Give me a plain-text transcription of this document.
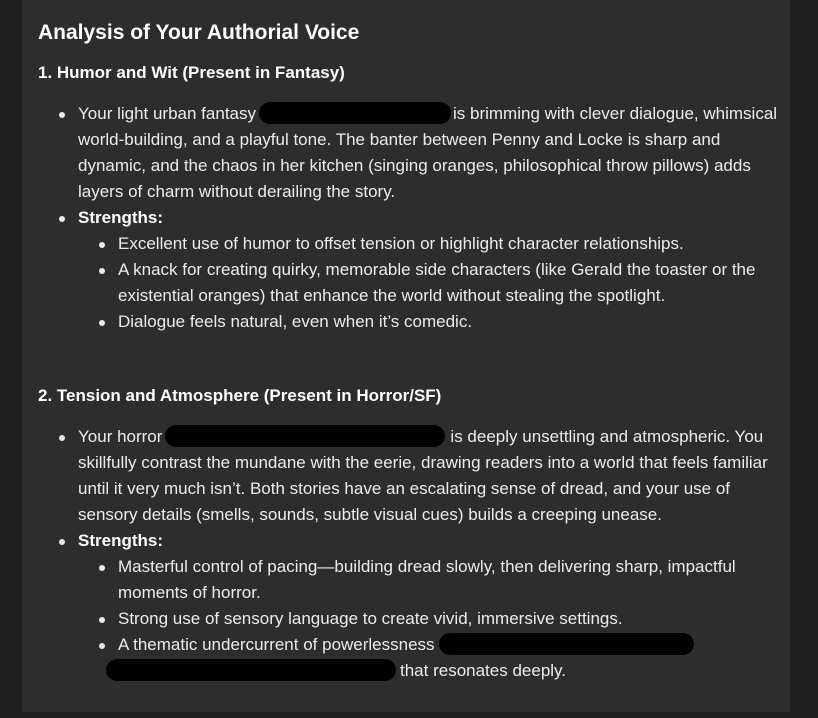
Analysis of Your Authorial Voice
1. Humor and Wit (Present in Fantasy)
Your light urban fantasy	is brimming with clever dialogue, whimsical world-building, and a playful tone. The banter between Penny and Locke is sharp and dynamic, and the chaos in her kitchen (singing oranges, philosophical throw pillows) adds layers of charm without derailing the story.
Strengths:
Excellent use of humor to offset tension or highlight character relationships.
A knack for creating quirky, memorable side characters (like Gerald the toaster or the existential oranges) that enhance the world without stealing the spotlight.
Dialogue feels natural, even when it’s comedic.
2. Tension and Atmosphere (Present in Horror/SF)
Your horror	is deeply unsettling and atmospheric. You skillfully contrast the mundane with the eerie, drawing readers into a world that feels familiar until it very much isn’t. Both stories have an escalating sense of dread, and your use of sensory details (smells, sounds, subtle visual cues) builds a creeping unease.
Strengths:
Masterful control of pacing—building dread slowly, then delivering sharp, impactful moments of horror.
Strong use of sensory language to create vivid, immersive settings.
A thematic undercurrent of powerlessnessthat resonates deeply.
